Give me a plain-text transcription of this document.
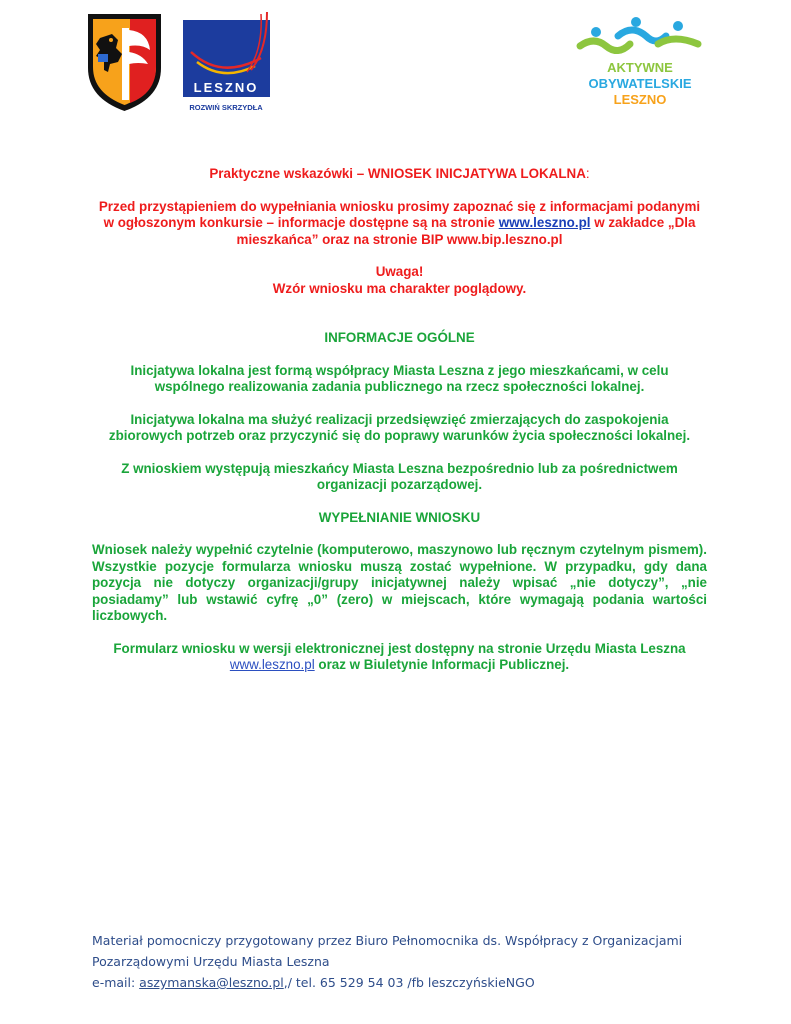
LESZNO
ROZWIŃ SKRZYDŁA
AKTYWNE
OBYWATELSKIE
LESZNO

Praktyczne wskazówki – WNIOSEK INICJATYWA LOKALNA:

Przed przystąpieniem do wypełniania wniosku prosimy zapoznać się z informacjami podanymi w ogłoszonym konkursie – informacje dostępne są na stronie www.leszno.pl w zakładce „Dla mieszkańca” oraz na stronie BIP www.bip.leszno.pl

Uwaga!

Wzór wniosku ma charakter poglądowy.

INFORMACJE OGÓLNE

Inicjatywa lokalna jest formą współpracy Miasta Leszna z jego mieszkańcami, w celu wspólnego realizowania zadania publicznego na rzecz społeczności lokalnej.

Inicjatywa lokalna ma służyć realizacji przedsięwzięć zmierzających do zaspokojenia zbiorowych potrzeb oraz przyczynić się do poprawy warunków życia społeczności lokalnej.

Z wnioskiem występują mieszkańcy Miasta Leszna bezpośrednio lub za pośrednictwem organizacji pozarządowej.

WYPEŁNIANIE WNIOSKU

Wniosek należy wypełnić czytelnie (komputerowo, maszynowo lub ręcznym czytelnym pismem). Wszystkie pozycje formularza wniosku muszą zostać wypełnione. W przypadku, gdy dana pozycja nie dotyczy organizacji/grupy inicjatywnej należy wpisać „nie dotyczy”, „nie posiadamy” lub wstawić cyfrę „0” (zero) w miejscach, które wymagają podania wartości liczbowych.

Formularz wniosku w wersji elektronicznej jest dostępny na stronie Urzędu Miasta Leszna www.leszno.pl oraz w Biuletynie Informacji Publicznej.

Materiał pomocniczy przygotowany przez Biuro Pełnomocnika ds. Współpracy z Organizacjami
Pozarządowymi Urzędu Miasta Leszna
e-mail: aszymanska@leszno.pl,/ tel. 65 529 54 03 /fb leszczyńskieNGO
